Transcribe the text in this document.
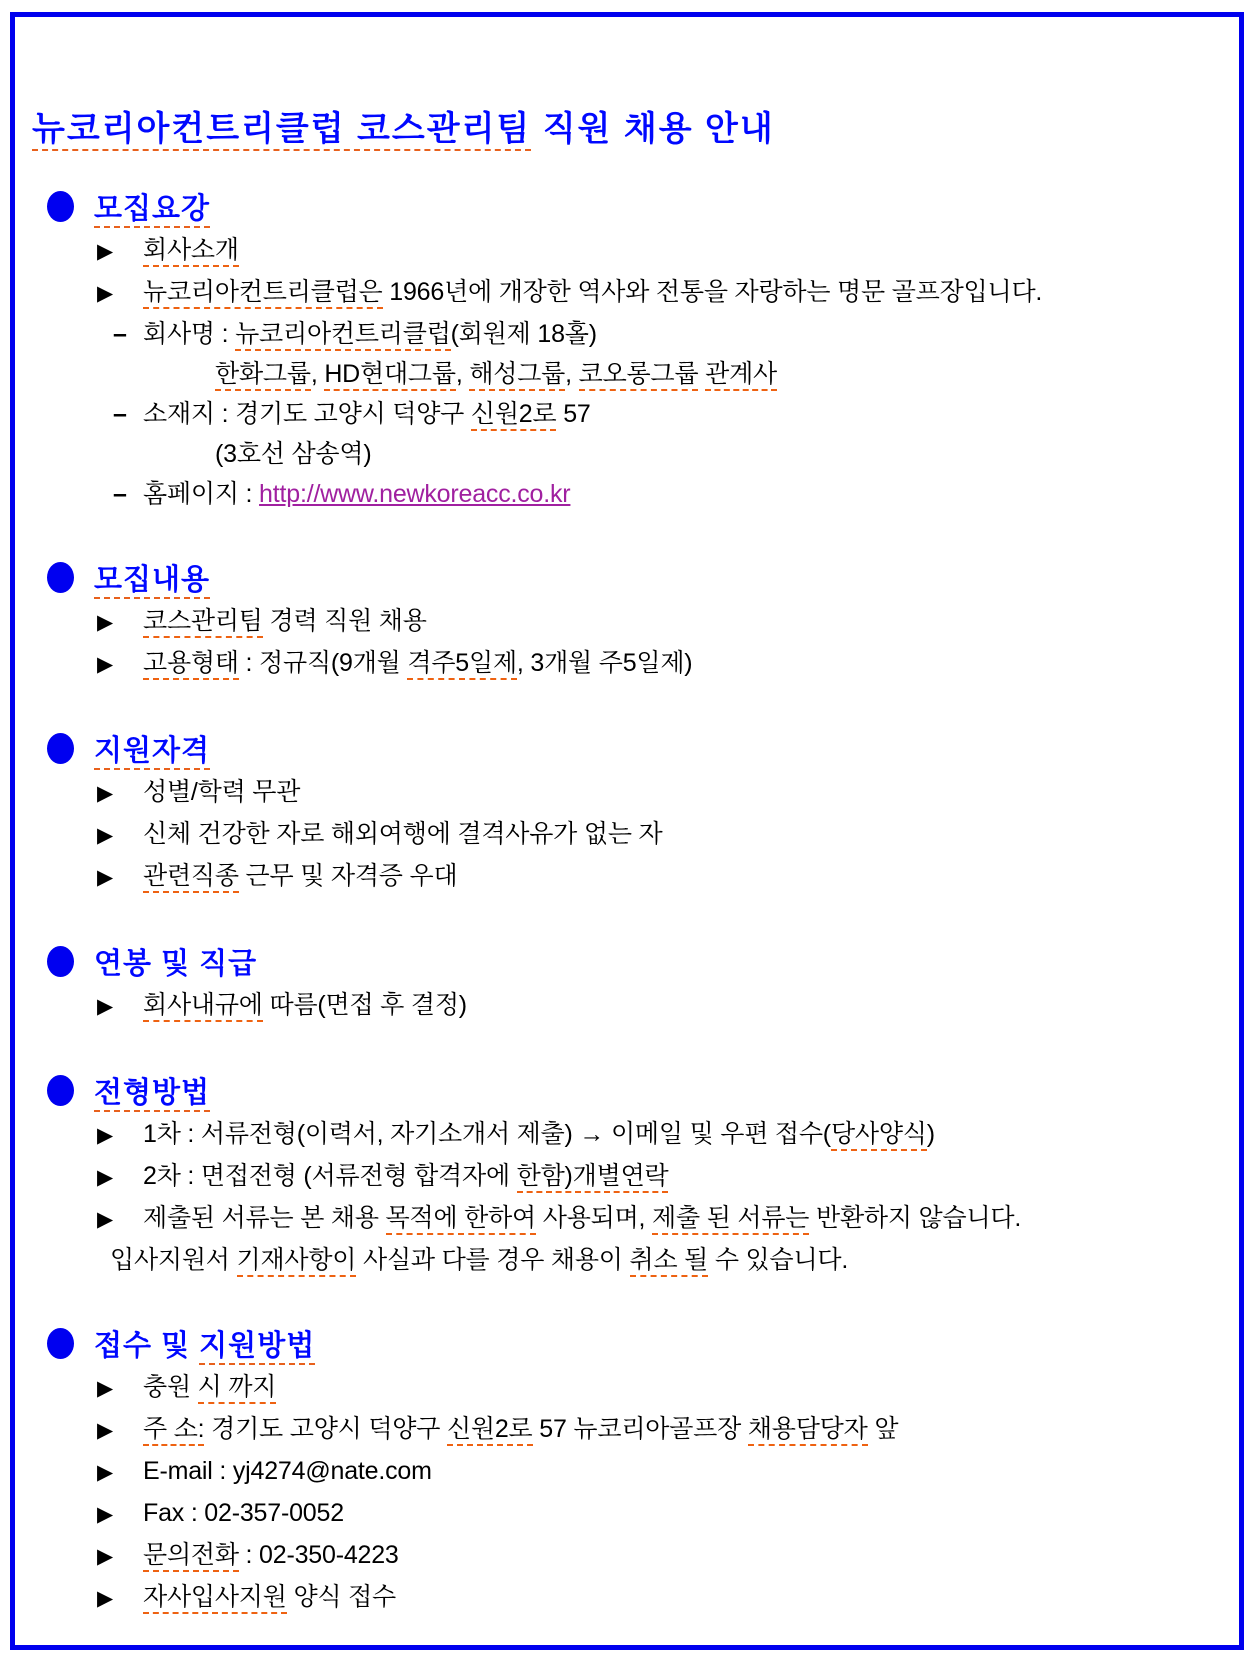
뉴코리아컨트리클럽 코스관리팀 직원 채용 안내
모집요강
▶	회사소개

▶	뉴코리아컨트리클럽은 1966년에 개장한 역사와 전통을 자랑하는 명문 골프장입니다.

– 회사명 : 뉴코리아컨트리클럽(회원제 18홀)

한화그룹, HD현대그룹, 해성그룹, 코오롱그룹 관계사

– 소재지 : 경기도 고양시 덕양구 신원2로 57

(3호선 삼송역)

– 홈페이지 : http://www.newkoreacc.co.kr

모집내용
▶	코스관리팀 경력 직원 채용

▶	고용형태 : 정규직(9개월 격주5일제, 3개월 주5일제)

지원자격
▶	성별/학력 무관

▶	신체 건강한 자로 해외여행에 결격사유가 없는 자

▶	관련직종 근무 및 자격증 우대

연봉 및 직급
▶	회사내규에 따름(면접 후 결정)

전형방법
▶	1차 : 서류전형(이력서, 자기소개서 제출) → 이메일 및 우편 접수(당사양식)

▶	2차 : 면접전형 (서류전형 합격자에 한함)개별연락

▶	제출된 서류는 본 채용 목적에 한하여 사용되며, 제출 된 서류는 반환하지 않습니다.

입사지원서 기재사항이 사실과 다를 경우 채용이 취소 될 수 있습니다.

접수 및 지원방법
▶	충원 시 까지

▶	주 소: 경기도 고양시 덕양구 신원2로 57 뉴코리아골프장 채용담당자 앞

▶	E-mail : yj4274@nate.com

▶	Fax : 02-357-0052

▶	문의전화 : 02-350-4223

▶	자사입사지원 양식 접수
